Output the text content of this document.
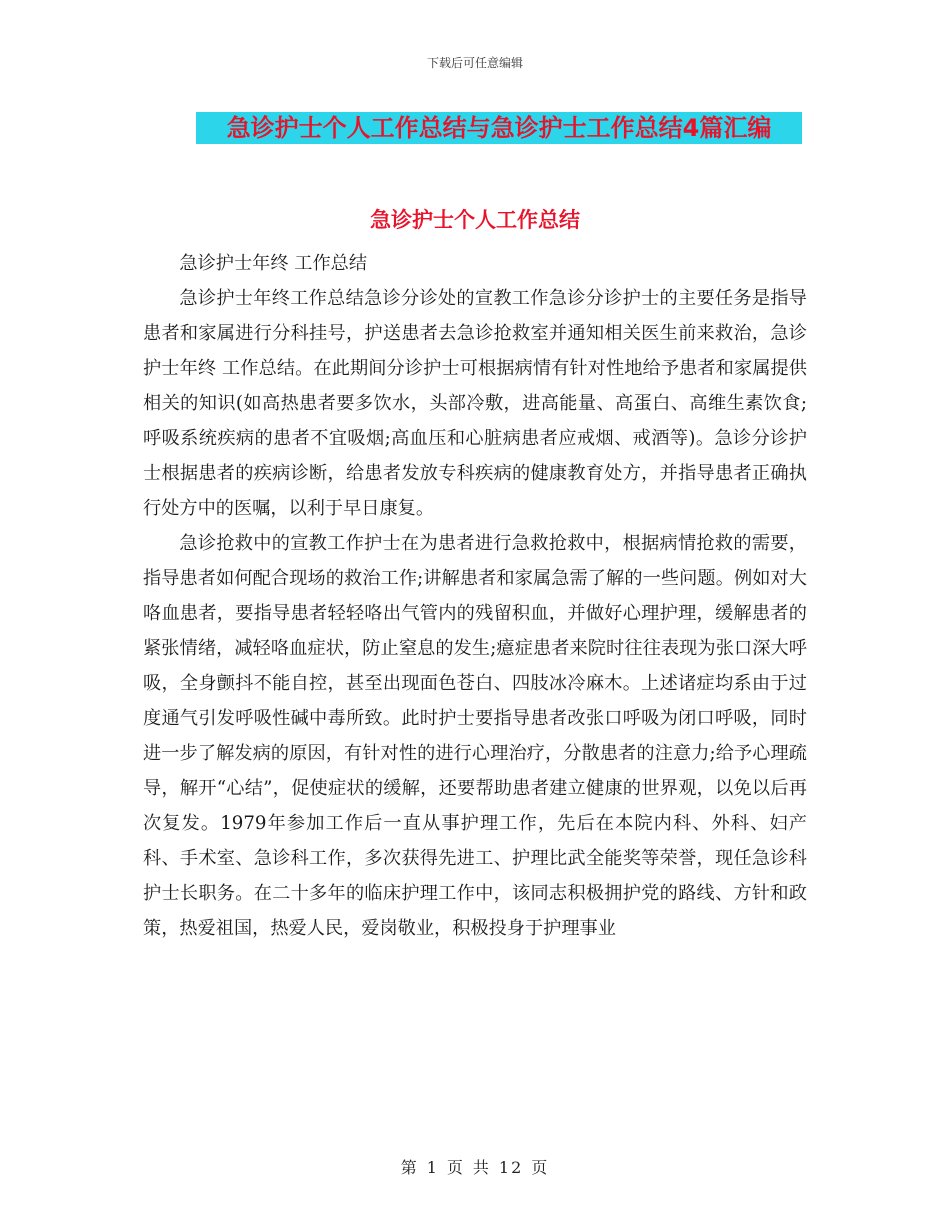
下载后可任意编辑
急诊护士个人工作总结与急诊护士工作总结4篇汇编
急诊护士个人工作总结

急诊护士年终 工作总结

急诊护士年终工作总结急诊分诊处的宣教工作急诊分诊护士的主要任务是指导患者和家属进行分科挂号，护送患者去急诊抢救室并通知相关医生前来救治，急诊护士年终 工作总结。在此期间分诊护士可根据病情有针对性地给予患者和家属提供相关的知识(如高热患者要多饮水，头部冷敷，进高能量、高蛋白、高维生素饮食;呼吸系统疾病的患者不宜吸烟;高血压和心脏病患者应戒烟、戒酒等)。急诊分诊护士根据患者的疾病诊断，给患者发放专科疾病的健康教育处方，并指导患者正确执行处方中的医嘱，以利于早日康复。

急诊抢救中的宣教工作护士在为患者进行急救抢救中，根据病情抢救的需要，指导患者如何配合现场的救治工作;讲解患者和家属急需了解的一些问题。例如对大咯血患者，要指导患者轻轻咯出气管内的残留积血，并做好心理护理，缓解患者的紧张情绪，减轻咯血症状，防止窒息的发生;癔症患者来院时往往表现为张口深大呼吸，全身颤抖不能自控，甚至出现面色苍白、四肢冰冷麻木。上述诸症均系由于过度通气引发呼吸性碱中毒所致。此时护士要指导患者改张口呼吸为闭口呼吸，同时进一步了解发病的原因，有针对性的进行心理治疗，分散患者的注意力;给予心理疏导，解开“心结”，促使症状的缓解，还要帮助患者建立健康的世界观，以免以后再次复发。1979年参加工作后一直从事护理工作，先后在本院内科、外科、妇产科、手术室、急诊科工作，多次获得先进工、护理比武全能奖等荣誉，现任急诊科护士长职务。在二十多年的临床护理工作中，该同志积极拥护党的路线、方针和政策，热爱祖国，热爱人民，爱岗敬业，积极投身于护理事业

第 1 页 共 12 页
